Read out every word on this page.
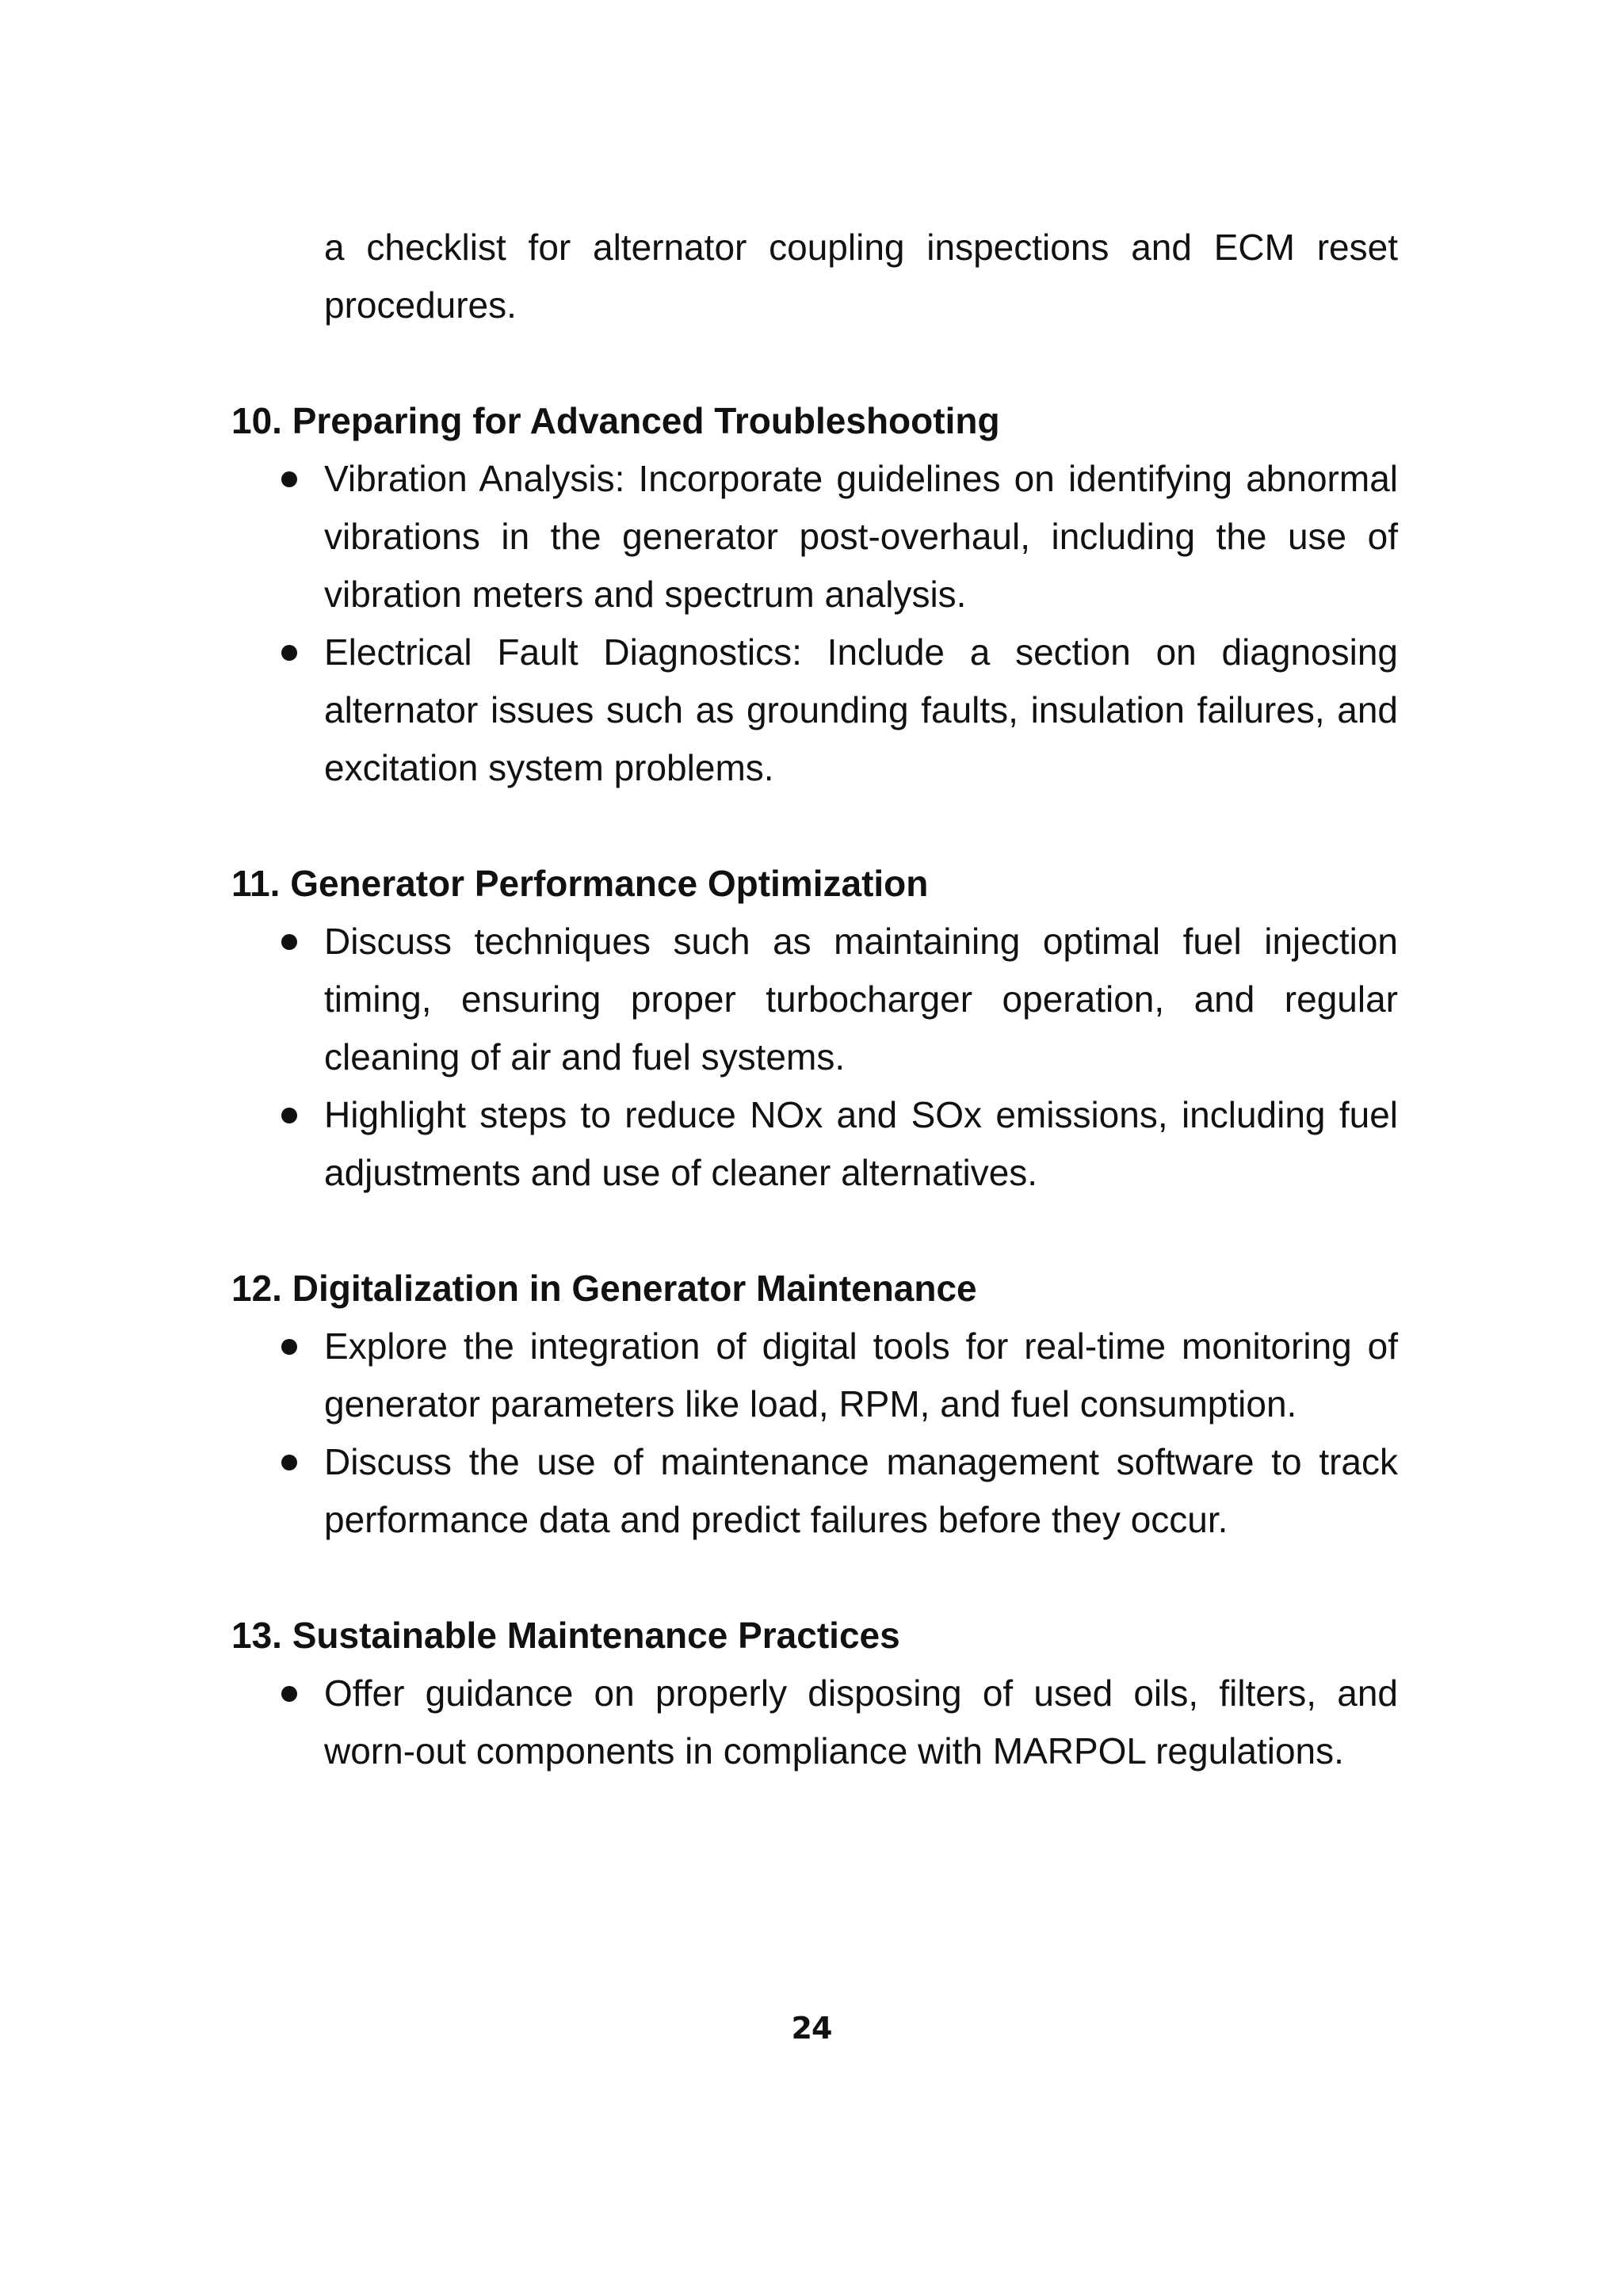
a checklist for alternator coupling inspections and ECM reset procedures.

10. Preparing for Advanced Troubleshooting

Vibration Analysis: Incorporate guidelines on identifying abnormal vibrations in the generator post-overhaul, including the use of vibration meters and spectrum analysis.
Electrical Fault Diagnostics: Include a section on diagnosing alternator issues such as grounding faults, insulation failures, and excitation system problems.

11. Generator Performance Optimization

Discuss techniques such as maintaining optimal fuel injection timing, ensuring proper turbocharger operation, and regular cleaning of air and fuel systems.
Highlight steps to reduce NOx and SOx emissions, including fuel adjustments and use of cleaner alternatives.

12. Digitalization in Generator Maintenance

Explore the integration of digital tools for real-time monitoring of generator parameters like load, RPM, and fuel consumption.
Discuss the use of maintenance management software to track performance data and predict failures before they occur.

13. Sustainable Maintenance Practices

Offer guidance on properly disposing of used oils, filters, and worn-out components in compliance with MARPOL regulations.
24
